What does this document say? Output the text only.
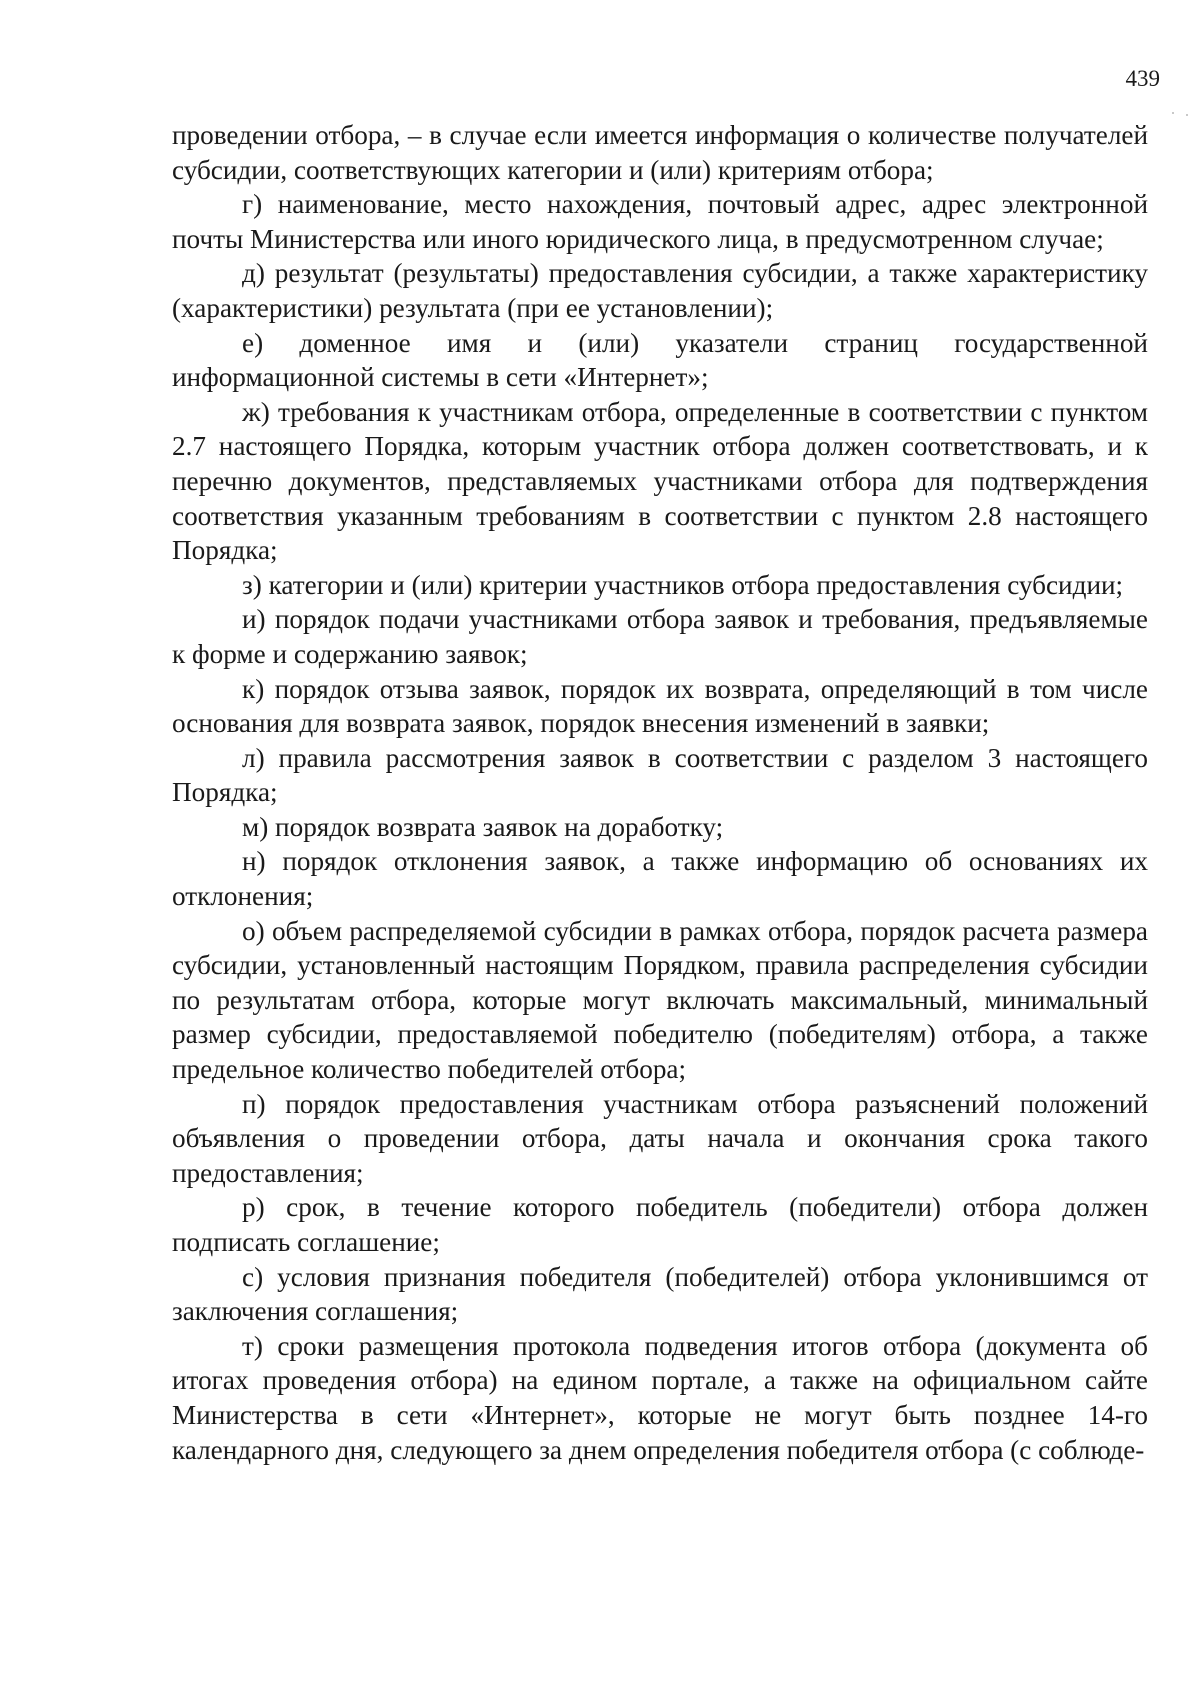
439

проведении отбора, – в случае если имеется информация о количестве получателей субсидии, соответствующих категории и (или) критериям отбора;

г) наименование, место нахождения, почтовый адрес, адрес электронной почты Министерства или иного юридического лица, в предусмотренном случае;

д) результат (результаты) предоставления субсидии, а также характеристику (характеристики) результата (при ее установлении);

е) доменное имя и (или) указатели страниц государственной информационной системы в сети «Интернет»;

ж) требования к участникам отбора, определенные в соответствии с пунктом 2.7 настоящего Порядка, которым участник отбора должен соответствовать, и к перечню документов, представляемых участниками отбора для подтверждения соответствия указанным требованиям в соответствии с пунктом 2.8 настоящего Порядка;

з) категории и (или) критерии участников отбора предоставления субсидии;

и) порядок подачи участниками отбора заявок и требования, предъявляемые к форме и содержанию заявок;

к) порядок отзыва заявок, порядок их возврата, определяющий в том числе основания для возврата заявок, порядок внесения изменений в заявки;

л) правила рассмотрения заявок в соответствии с разделом 3 настоящего Порядка;

м) порядок возврата заявок на доработку;

н) порядок отклонения заявок, а также информацию об основаниях их отклонения;

о) объем распределяемой субсидии в рамках отбора, порядок расчета размера субсидии, установленный настоящим Порядком, правила распределения субсидии по результатам отбора, которые могут включать максимальный, минимальный размер субсидии, предоставляемой победителю (победителям) отбора, а также предельное количество победителей отбора;

п) порядок предоставления участникам отбора разъяснений положений объявления о проведении отбора, даты начала и окончания срока такого предоставления;

р) срок, в течение которого победитель (победители) отбора должен подписать соглашение;

с) условия признания победителя (победителей) отбора уклонившимся от заключения соглашения;

т) сроки размещения протокола подведения итогов отбора (документа об итогах проведения отбора) на едином портале, а также на официальном сайте Министерства в сети «Интернет», которые не могут быть позднее 14-го календарного дня, следующего за днем определения победителя отбора (с соблюде-
